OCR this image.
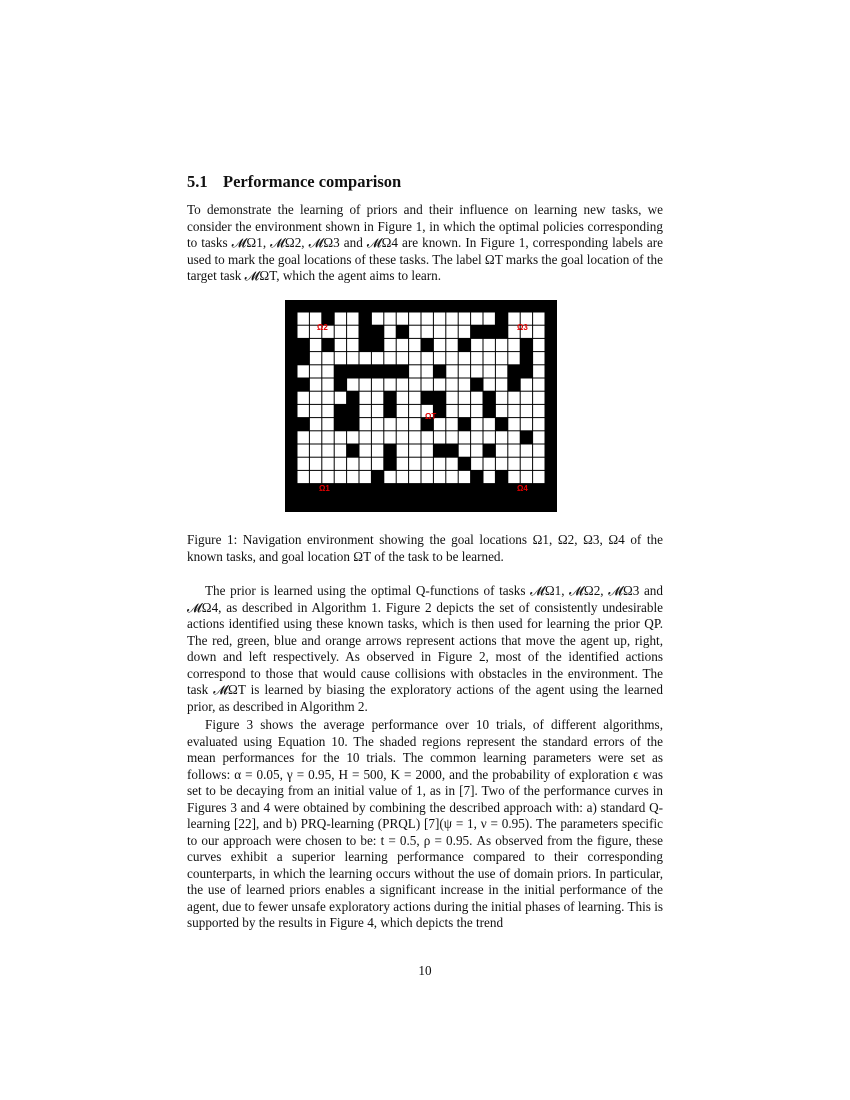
5.1 Performance comparison

To demonstrate the learning of priors and their influence on learning new tasks, we consider the environment shown in Figure 1, in which the optimal policies corresponding to tasks 𝓜Ω1, 𝓜Ω2, 𝓜Ω3 and 𝓜Ω4 are known. In Figure 1, corresponding labels are used to mark the goal locations of these tasks. The label ΩT marks the goal location of the target task 𝓜ΩT, which the agent aims to learn.

Ω2	Ω3
ΩT
Ω1	Ω4

Figure 1: Navigation environment showing the goal locations Ω1, Ω2, Ω3, Ω4 of the known tasks, and goal location ΩT of the task to be learned.

The prior is learned using the optimal Q-functions of tasks 𝓜Ω1, 𝓜Ω2, 𝓜Ω3 and 𝓜Ω4, as described in Algorithm 1. Figure 2 depicts the set of consistently undesirable actions identified using these known tasks, which is then used for learning the prior QP. The red, green, blue and orange arrows represent actions that move the agent up, right, down and left respectively. As observed in Figure 2, most of the identified actions correspond to those that would cause collisions with obstacles in the environment. The task 𝓜ΩT is learned by biasing the exploratory actions of the agent using the learned prior, as described in Algorithm 2.

Figure 3 shows the average performance over 10 trials, of different algorithms, evaluated using Equation 10. The shaded regions represent the standard errors of the mean performances for the 10 trials. The common learning parameters were set as follows: α = 0.05, γ = 0.95, H = 500, K = 2000, and the probability of exploration ϵ was set to be decaying from an initial value of 1, as in [7]. Two of the performance curves in Figures 3 and 4 were obtained by combining the described approach with: a) standard Q-learning [22], and b) PRQ-learning (PRQL) [7](ψ = 1, ν = 0.95). The parameters specific to our approach were chosen to be: t = 0.5, ρ = 0.95. As observed from the figure, these curves exhibit a superior learning performance compared to their corresponding counterparts, in which the learning occurs without the use of domain priors. In particular, the use of learned priors enables a significant increase in the initial performance of the agent, due to fewer unsafe exploratory actions during the initial phases of learning. This is supported by the results in Figure 4, which depicts the trend

10
